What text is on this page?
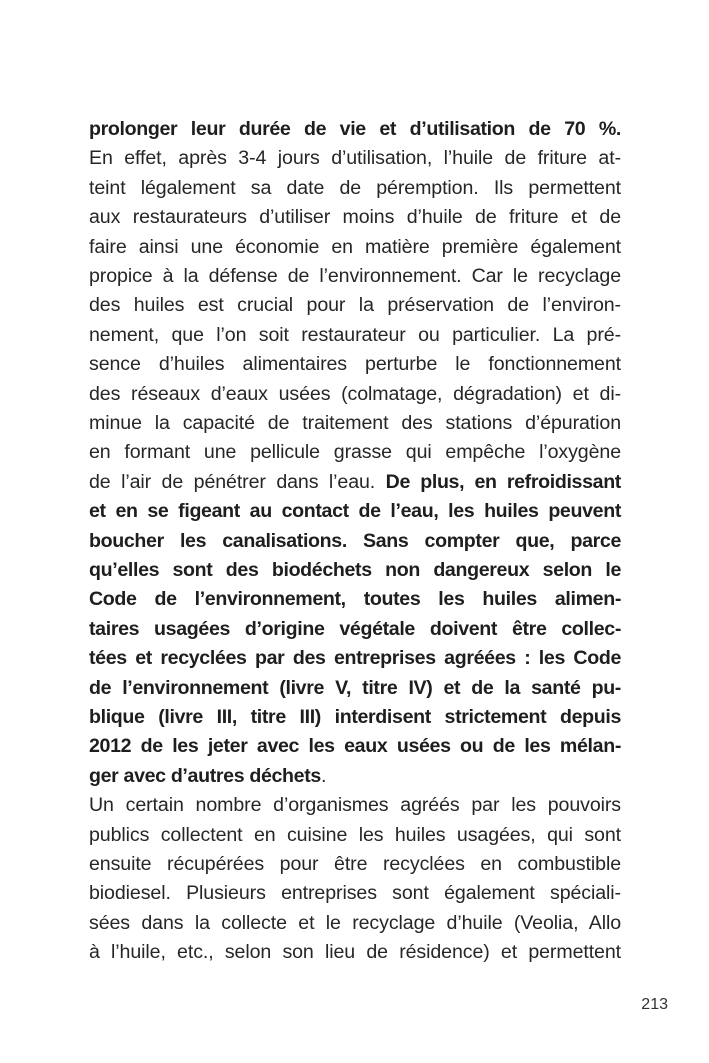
prolonger leur durée de vie et d’utilisation de 70 %.
En effet, après 3-4 jours d’utilisation, l’huile de friture at-
teint légalement sa date de péremption. Ils permettent
aux restaurateurs d’utiliser moins d’huile de friture et de
faire ainsi une économie en matière première également
propice à la défense de l’environnement. Car le recyclage
des huiles est crucial pour la préservation de l’environ-
nement, que l’on soit restaurateur ou particulier. La pré-
sence d’huiles alimentaires perturbe le fonctionnement
des réseaux d’eaux usées (colmatage, dégradation) et di-
minue la capacité de traitement des stations d’épuration
en formant une pellicule grasse qui empêche l’oxygène
de l’air de pénétrer dans l’eau. De plus, en refroidissant
et en se figeant au contact de l’eau, les huiles peuvent
boucher les canalisations. Sans compter que, parce
qu’elles sont des biodéchets non dangereux selon le
Code de l’environnement, toutes les huiles alimen-
taires usagées d’origine végétale doivent être collec-
tées et recyclées par des entreprises agréées : les Code
de l’environnement (livre V, titre IV) et de la santé pu-
blique (livre III, titre III) interdisent strictement depuis
2012 de les jeter avec les eaux usées ou de les mélan-
ger avec d’autres déchets.
Un certain nombre d’organismes agréés par les pouvoirs
publics collectent en cuisine les huiles usagées, qui sont
ensuite récupérées pour être recyclées en combustible
biodiesel. Plusieurs entreprises sont également spéciali-
sées dans la collecte et le recyclage d’huile (Veolia, Allo
à l’huile, etc., selon son lieu de résidence) et permettent
213
